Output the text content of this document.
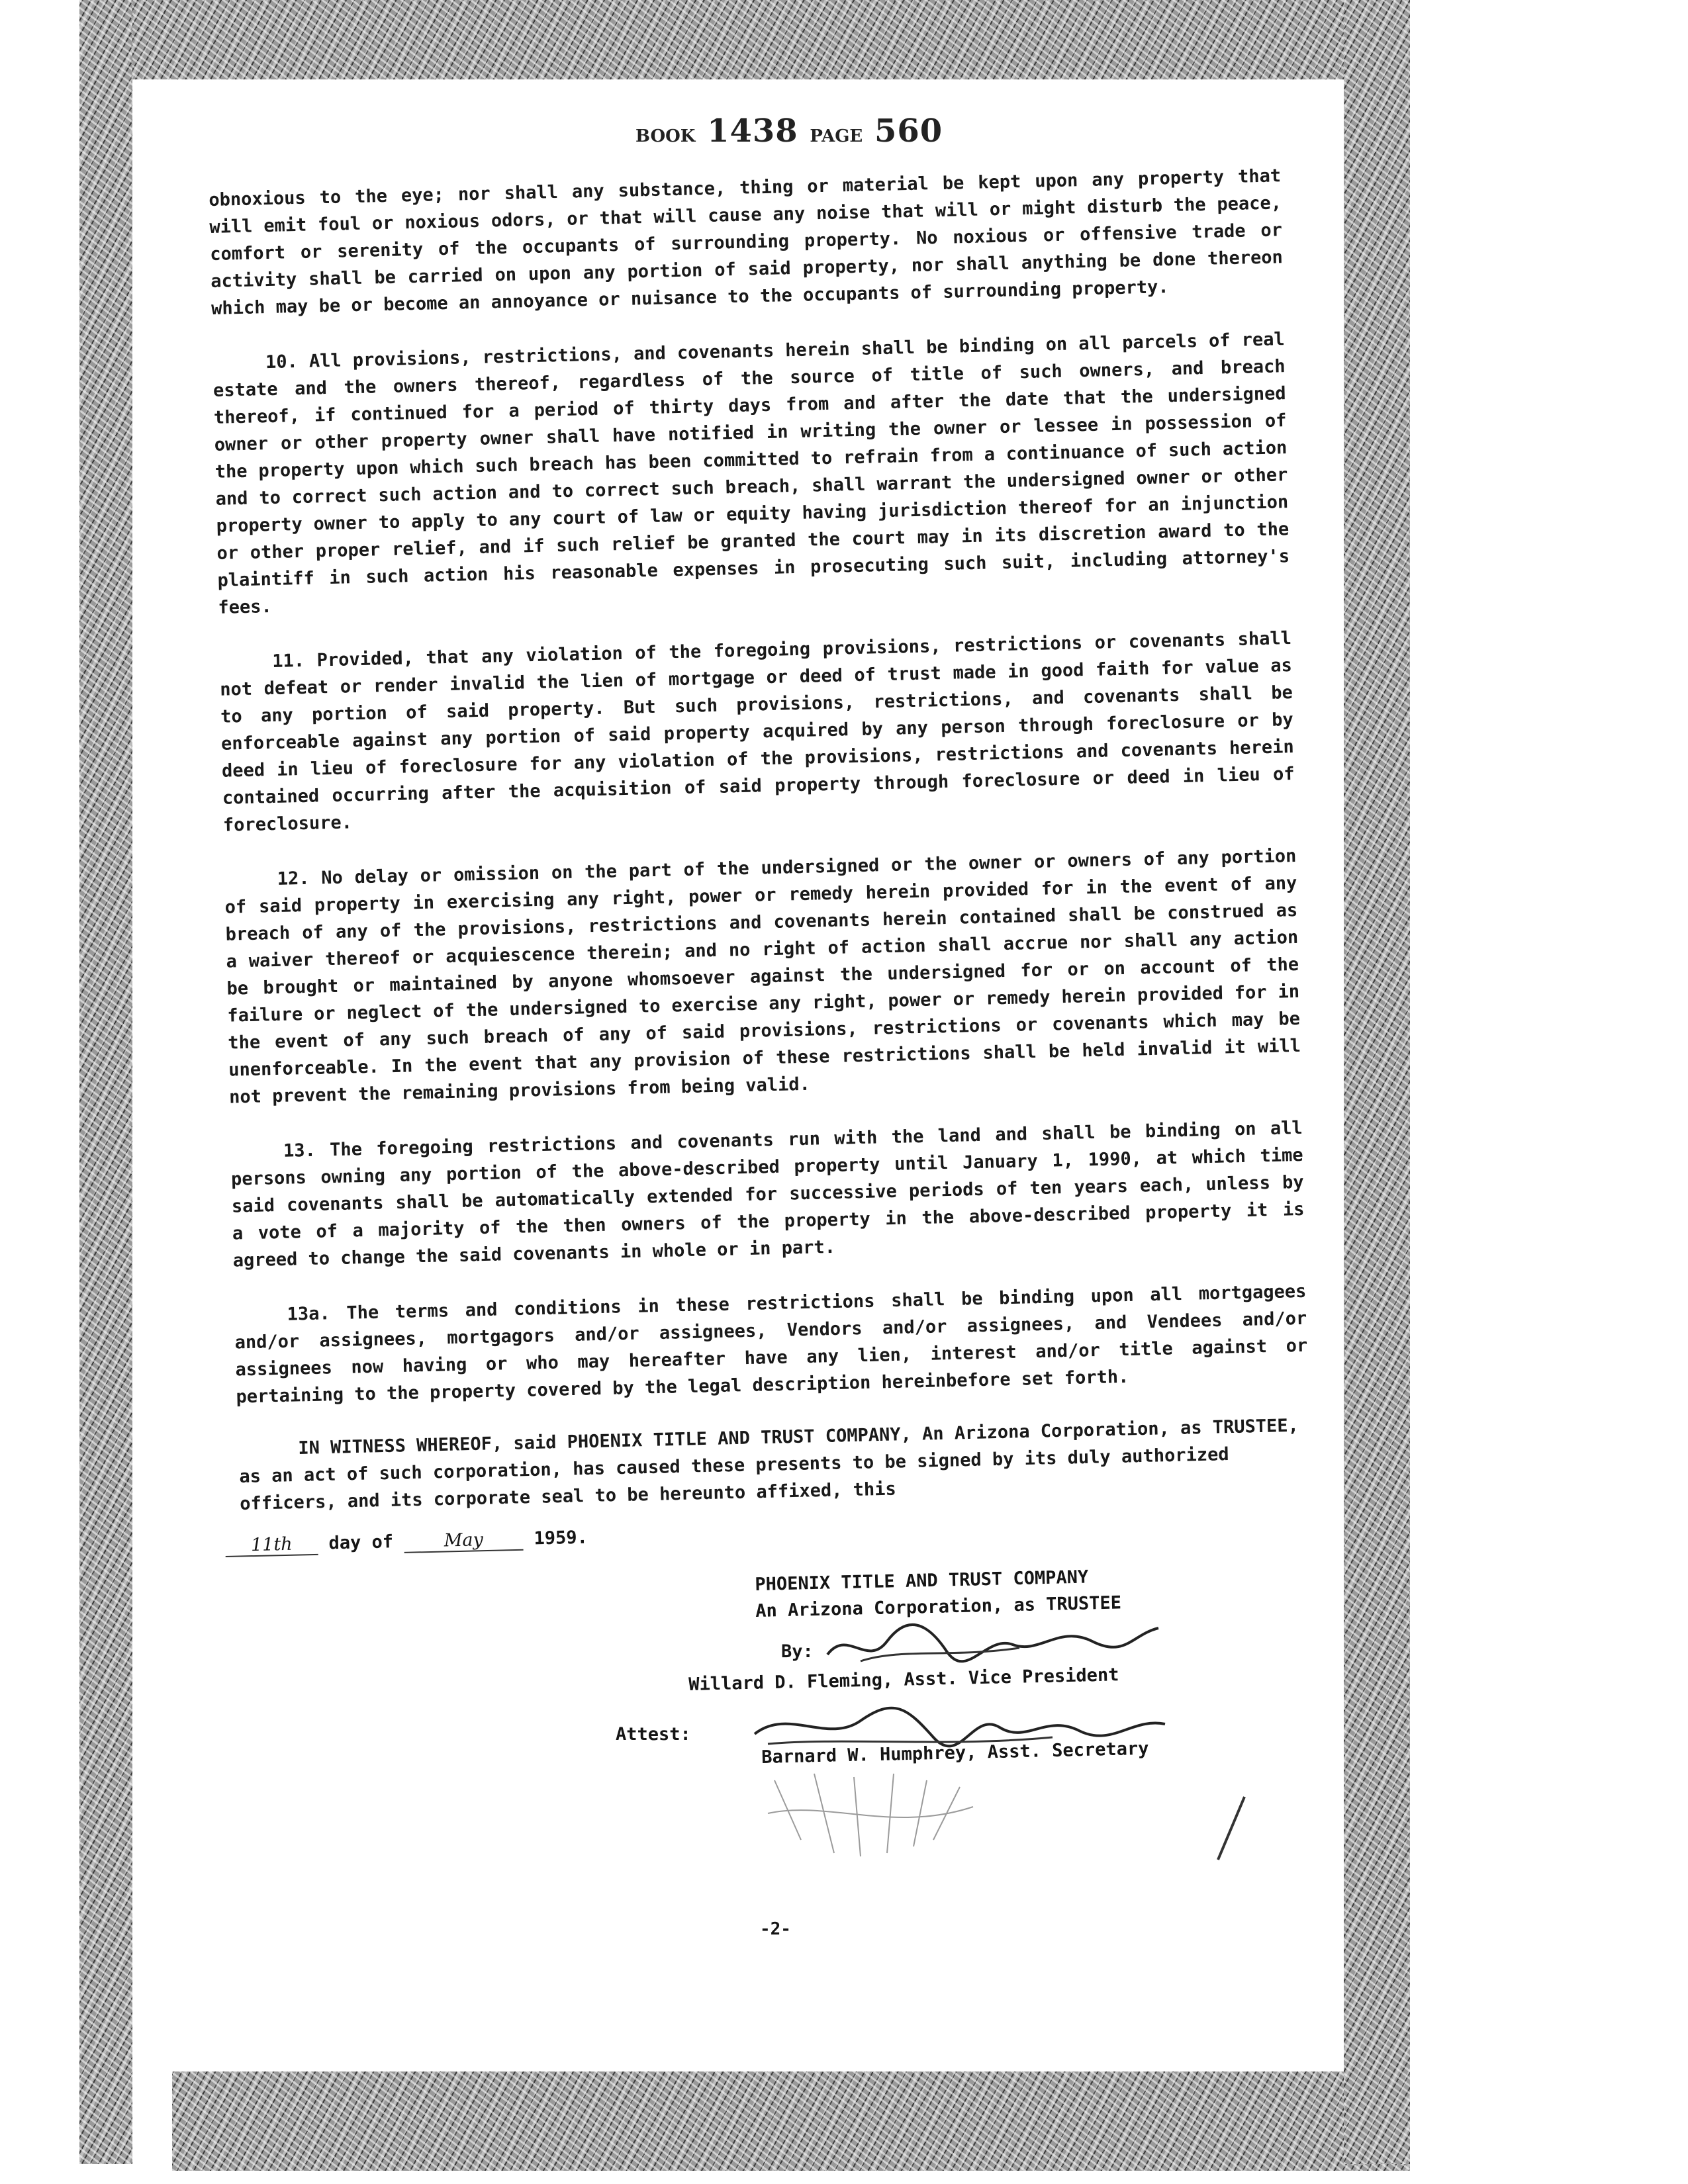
BOOK 1438 PAGE 560

obnoxious to the eye; nor shall any substance, thing or material be kept upon any property that will emit foul or noxious odors, or that will cause any noise that will or might disturb the peace, comfort or serenity of the occupants of surrounding property. No noxious or offensive trade or activity shall be carried on upon any portion of said property, nor shall anything be done thereon which may be or become an annoyance or nuisance to the occupants of surrounding property.

10. All provisions, restrictions, and covenants herein shall be binding on all parcels of real estate and the owners thereof, regardless of the source of title of such owners, and breach thereof, if continued for a period of thirty days from and after the date that the undersigned owner or other property owner shall have notified in writing the owner or lessee in possession of the property upon which such breach has been committed to refrain from a continuance of such action and to correct such action and to correct such breach, shall warrant the undersigned owner or other property owner to apply to any court of law or equity having jurisdiction thereof for an injunction or other proper relief, and if such relief be granted the court may in its discretion award to the plaintiff in such action his reasonable expenses in prosecuting such suit, including attorney's fees.

11. Provided, that any violation of the foregoing provisions, restrictions or covenants shall not defeat or render invalid the lien of mortgage or deed of trust made in good faith for value as to any portion of said property. But such provisions, restrictions, and covenants shall be enforceable against any portion of said property acquired by any person through foreclosure or by deed in lieu of foreclosure for any violation of the provisions, restrictions and covenants herein contained occurring after the acquisition of said property through foreclosure or deed in lieu of foreclosure.

12. No delay or omission on the part of the undersigned or the owner or owners of any portion of said property in exercising any right, power or remedy herein provided for in the event of any breach of any of the provisions, restrictions and covenants herein contained shall be construed as a waiver thereof or acquiescence therein; and no right of action shall accrue nor shall any action be brought or maintained by anyone whomsoever against the undersigned for or on account of the failure or neglect of the undersigned to exercise any right, power or remedy herein provided for in the event of any such breach of any of said provisions, restrictions or covenants which may be unenforceable. In the event that any provision of these restrictions shall be held invalid it will not prevent the remaining provisions from being valid.

13. The foregoing restrictions and covenants run with the land and shall be binding on all persons owning any portion of the above-described property until January 1, 1990, at which time said covenants shall be automatically extended for successive periods of ten years each, unless by a vote of a majority of the then owners of the property in the above-described property it is agreed to change the said covenants in whole or in part.

13a. The terms and conditions in these restrictions shall be binding upon all mortgagees and/or assignees, mortgagors and/or assignees, Vendors and/or assignees, and Vendees and/or assignees now having or who may hereafter have any lien, interest and/or title against or pertaining to the property covered by the legal description hereinbefore set forth.

IN WITNESS WHEREOF, said PHOENIX TITLE AND TRUST COMPANY, An Arizona Corporation, as TRUSTEE, as an act of such corporation, has caused these presents to be signed by its duly authorized officers, and its corporate seal to be hereunto affixed, this

11th day of	May	1959.
PHOENIX TITLE AND TRUST COMPANY
An Arizona Corporation, as TRUSTEE
By:
Willard D. Fleming, Asst. Vice President
Attest:
Barnard W. Humphrey, Asst. Secretary
-2-
